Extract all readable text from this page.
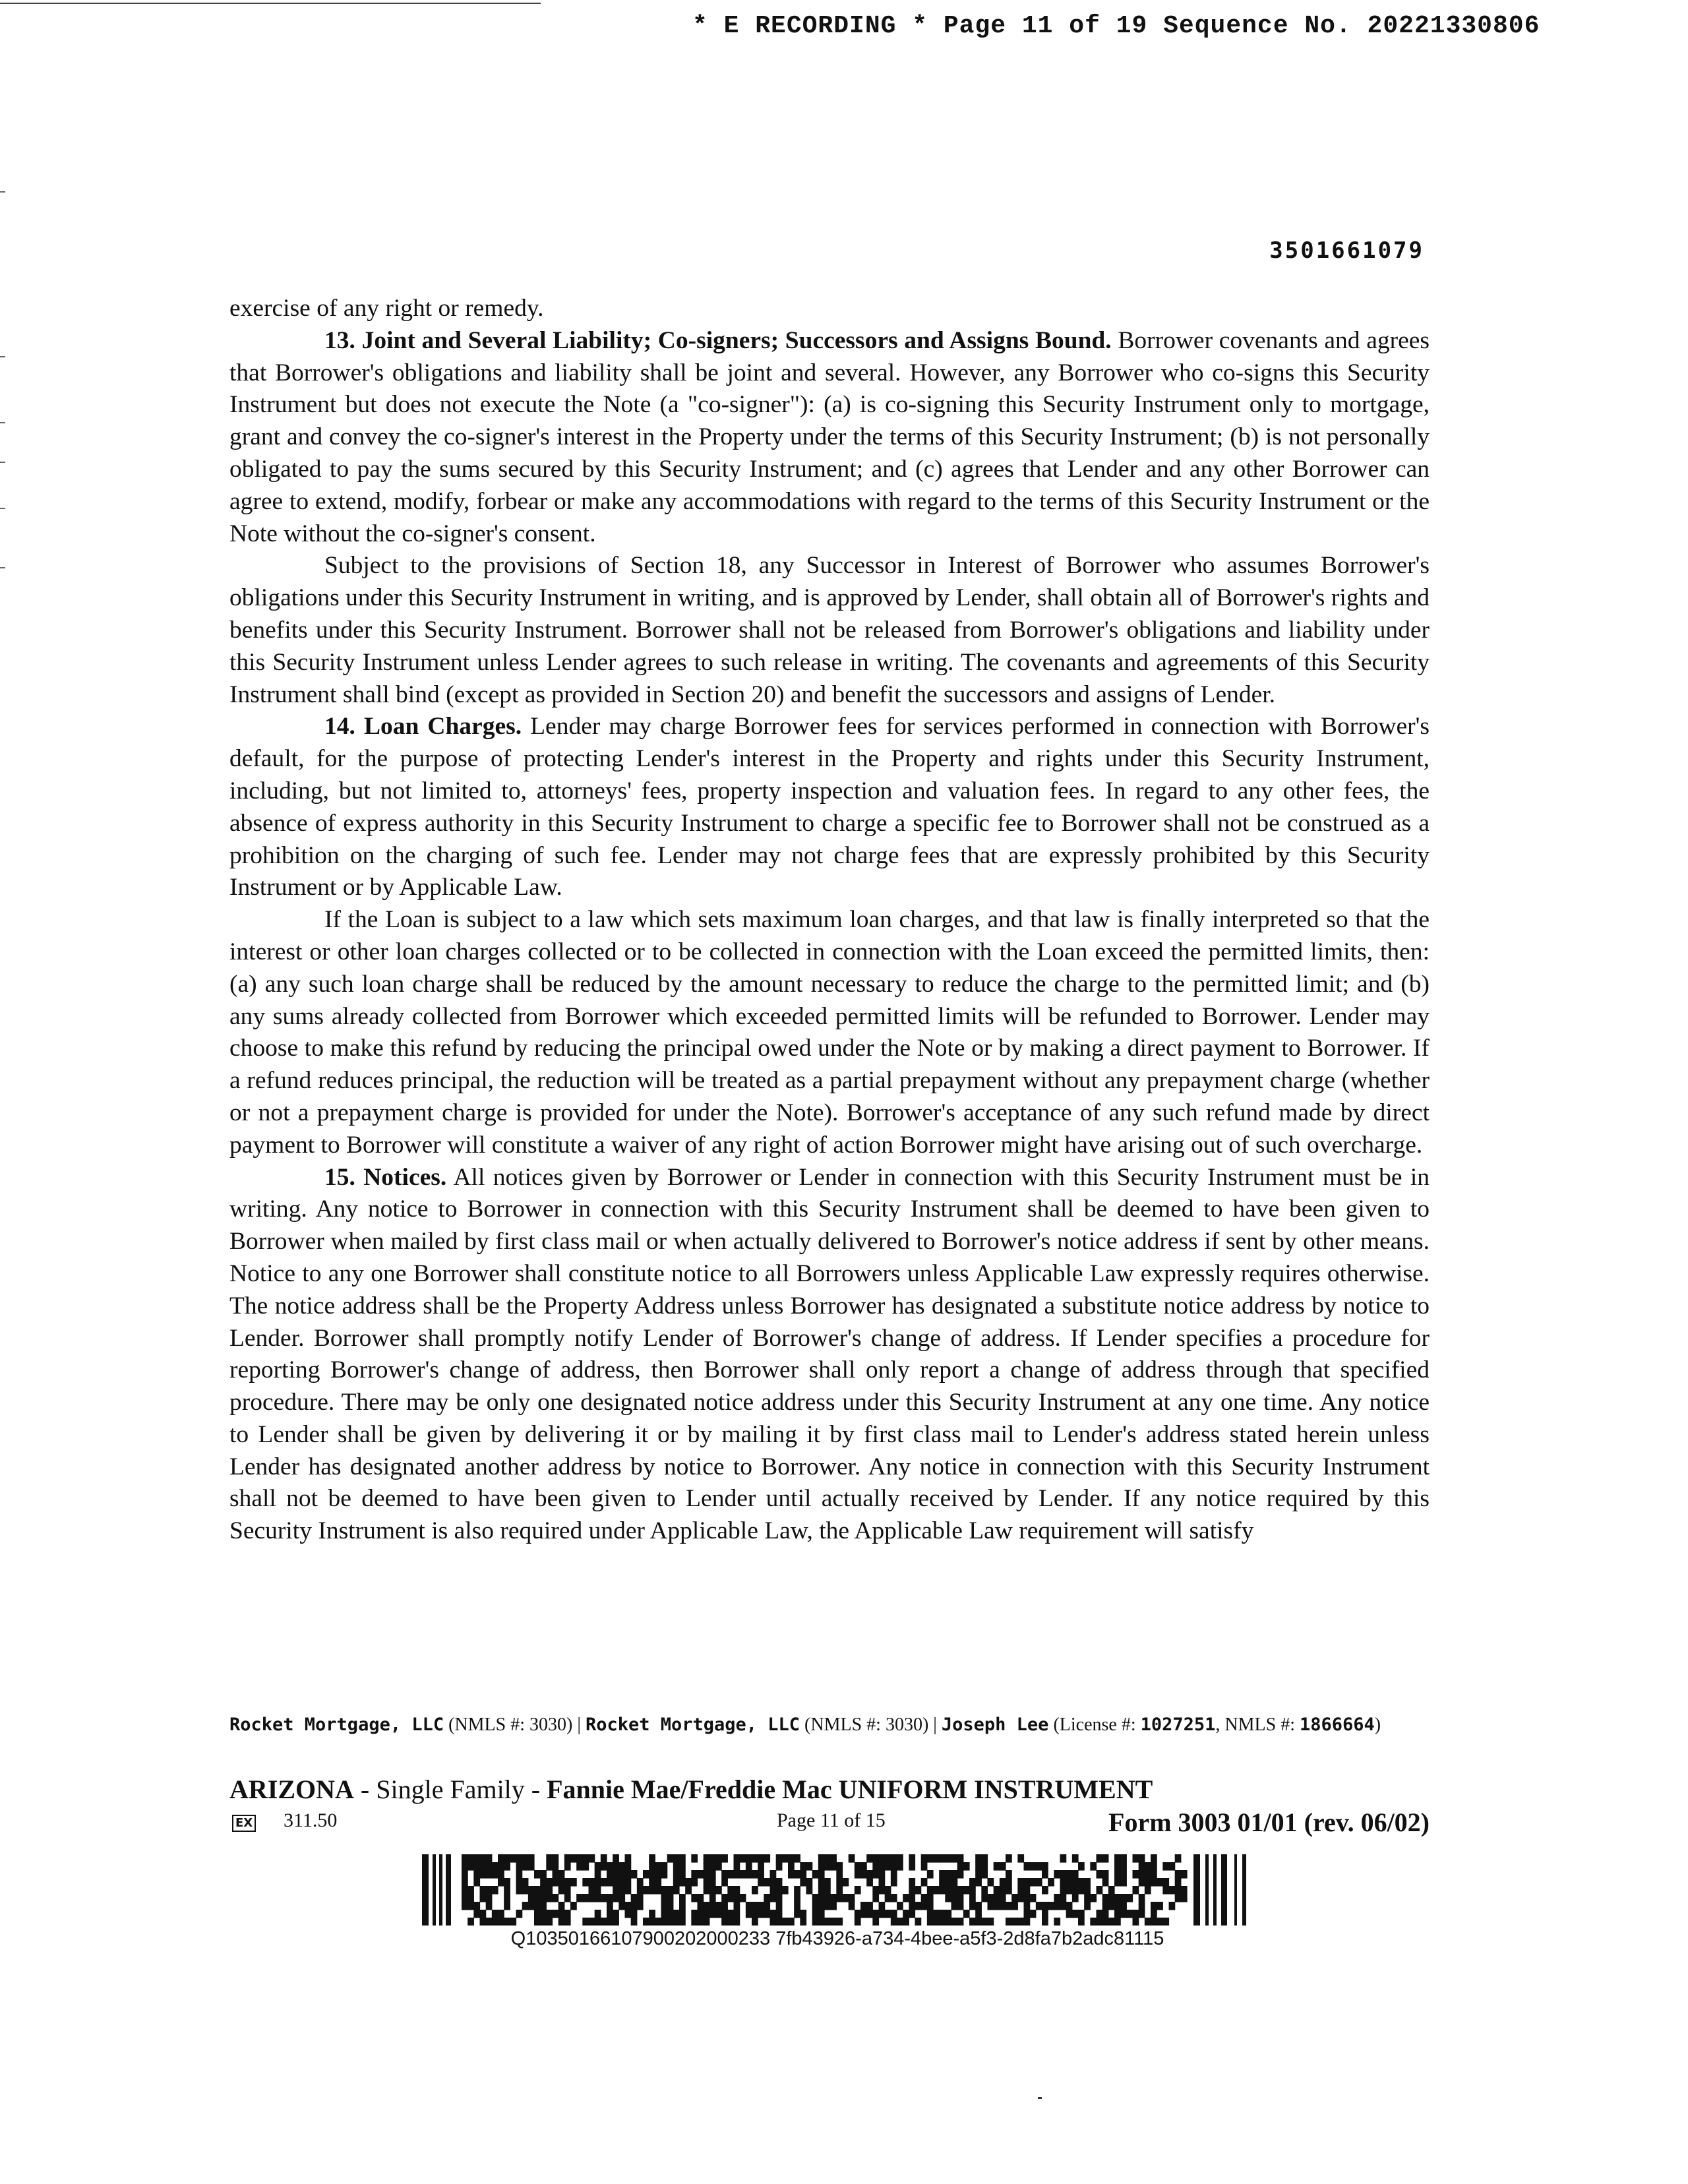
* E RECORDING * Page 11 of 19 Sequence No. 20221330806
3501661079

exercise of any right or remedy.

13. Joint and Several Liability; Co-signers; Successors and Assigns Bound. Borrower covenants and agrees that Borrower's obligations and liability shall be joint and several. However, any Borrower who co-signs this Security Instrument but does not execute the Note (a "co-signer"): (a) is co-signing this Security Instrument only to mortgage, grant and convey the co-signer's interest in the Property under the terms of this Security Instrument; (b) is not personally obligated to pay the sums secured by this Security Instrument; and (c) agrees that Lender and any other Borrower can agree to extend, modify, forbear or make any accommodations with regard to the terms of this Security Instrument or the Note without the co-signer's consent.

Subject to the provisions of Section 18, any Successor in Interest of Borrower who assumes Borrower's obligations under this Security Instrument in writing, and is approved by Lender, shall obtain all of Borrower's rights and benefits under this Security Instrument. Borrower shall not be released from Borrower's obligations and liability under this Security Instrument unless Lender agrees to such release in writing. The covenants and agreements of this Security Instrument shall bind (except as provided in Section 20) and benefit the successors and assigns of Lender.

14. Loan Charges. Lender may charge Borrower fees for services performed in connection with Borrower's default, for the purpose of protecting Lender's interest in the Property and rights under this Security Instrument, including, but not limited to, attorneys' fees, property inspection and valuation fees. In regard to any other fees, the absence of express authority in this Security Instrument to charge a specific fee to Borrower shall not be construed as a prohibition on the charging of such fee. Lender may not charge fees that are expressly prohibited by this Security Instrument or by Applicable Law.

If the Loan is subject to a law which sets maximum loan charges, and that law is finally interpreted so that the interest or other loan charges collected or to be collected in connection with the Loan exceed the permitted limits, then: (a) any such loan charge shall be reduced by the amount necessary to reduce the charge to the permitted limit; and (b) any sums already collected from Borrower which exceeded permitted limits will be refunded to Borrower. Lender may choose to make this refund by reducing the principal owed under the Note or by making a direct payment to Borrower. If a refund reduces principal, the reduction will be treated as a partial prepayment without any prepayment charge (whether or not a prepayment charge is provided for under the Note). Borrower's acceptance of any such refund made by direct payment to Borrower will constitute a waiver of any right of action Borrower might have arising out of such overcharge.

15. Notices. All notices given by Borrower or Lender in connection with this Security Instrument must be in writing. Any notice to Borrower in connection with this Security Instrument shall be deemed to have been given to Borrower when mailed by first class mail or when actually delivered to Borrower's notice address if sent by other means. Notice to any one Borrower shall constitute notice to all Borrowers unless Applicable Law expressly requires otherwise. The notice address shall be the Property Address unless Borrower has designated a substitute notice address by notice to Lender. Borrower shall promptly notify Lender of Borrower's change of address. If Lender specifies a procedure for reporting Borrower's change of address, then Borrower shall only report a change of address through that specified procedure. There may be only one designated notice address under this Security Instrument at any one time. Any notice to Lender shall be given by delivering it or by mailing it by first class mail to Lender's address stated herein unless Lender has designated another address by notice to Borrower. Any notice in connection with this Security Instrument shall not be deemed to have been given to Lender until actually received by Lender. If any notice required by this Security Instrument is also required under Applicable Law, the Applicable Law requirement will satisfy

Rocket Mortgage, LLC (NMLS #: 3030) | Rocket Mortgage, LLC (NMLS #: 3030) | Joseph Lee (License #: 1027251, NMLS #: 1866664)
ARIZONA - Single Family - Fannie Mae/Freddie Mac UNIFORM INSTRUMENT
EX 311.50	Page 11 of 15	Form 3003 01/01 (rev. 06/02)
Q10350166107900202000233 7fb43926-a734-4bee-a5f3-2d8fa7b2adc81115
